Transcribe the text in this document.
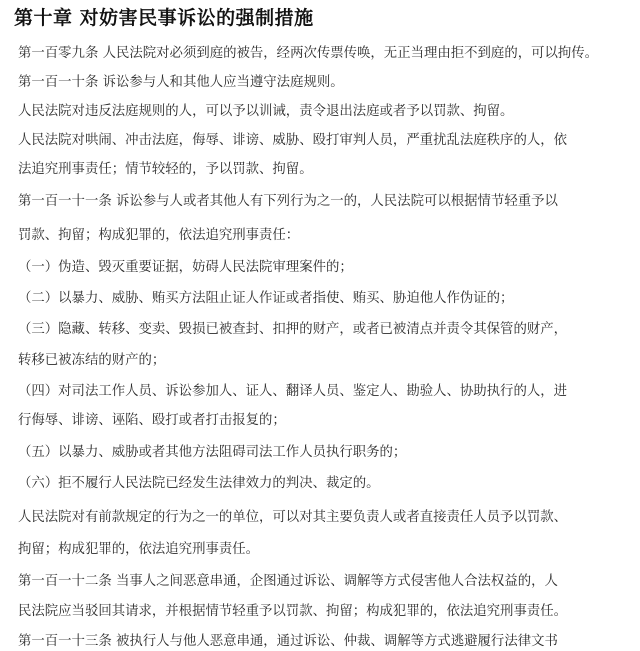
第十章 对妨害民事诉讼的强制措施
第一百零九条 人民法院对必须到庭的被告，经两次传票传唤，无正当理由拒不到庭的，可以拘传。
第一百一十条 诉讼参与人和其他人应当遵守法庭规则。
人民法院对违反法庭规则的人，可以予以训诫，责令退出法庭或者予以罚款、拘留。
人民法院对哄闹、冲击法庭，侮辱、诽谤、威胁、殴打审判人员，严重扰乱法庭秩序的人，依
法追究刑事责任；情节较轻的，予以罚款、拘留。
第一百一十一条 诉讼参与人或者其他人有下列行为之一的，人民法院可以根据情节轻重予以
罚款、拘留；构成犯罪的，依法追究刑事责任：
（一）伪造、毁灭重要证据，妨碍人民法院审理案件的；
（二）以暴力、威胁、贿买方法阻止证人作证或者指使、贿买、胁迫他人作伪证的；
（三）隐藏、转移、变卖、毁损已被查封、扣押的财产，或者已被清点并责令其保管的财产，
转移已被冻结的财产的；
（四）对司法工作人员、诉讼参加人、证人、翻译人员、鉴定人、勘验人、协助执行的人，进
行侮辱、诽谤、诬陷、殴打或者打击报复的；
（五）以暴力、威胁或者其他方法阻碍司法工作人员执行职务的；
（六）拒不履行人民法院已经发生法律效力的判决、裁定的。
人民法院对有前款规定的行为之一的单位，可以对其主要负责人或者直接责任人员予以罚款、
拘留；构成犯罪的，依法追究刑事责任。
第一百一十二条 当事人之间恶意串通，企图通过诉讼、调解等方式侵害他人合法权益的，人
民法院应当驳回其请求，并根据情节轻重予以罚款、拘留；构成犯罪的，依法追究刑事责任。
第一百一十三条 被执行人与他人恶意串通，通过诉讼、仲裁、调解等方式逃避履行法律文书
